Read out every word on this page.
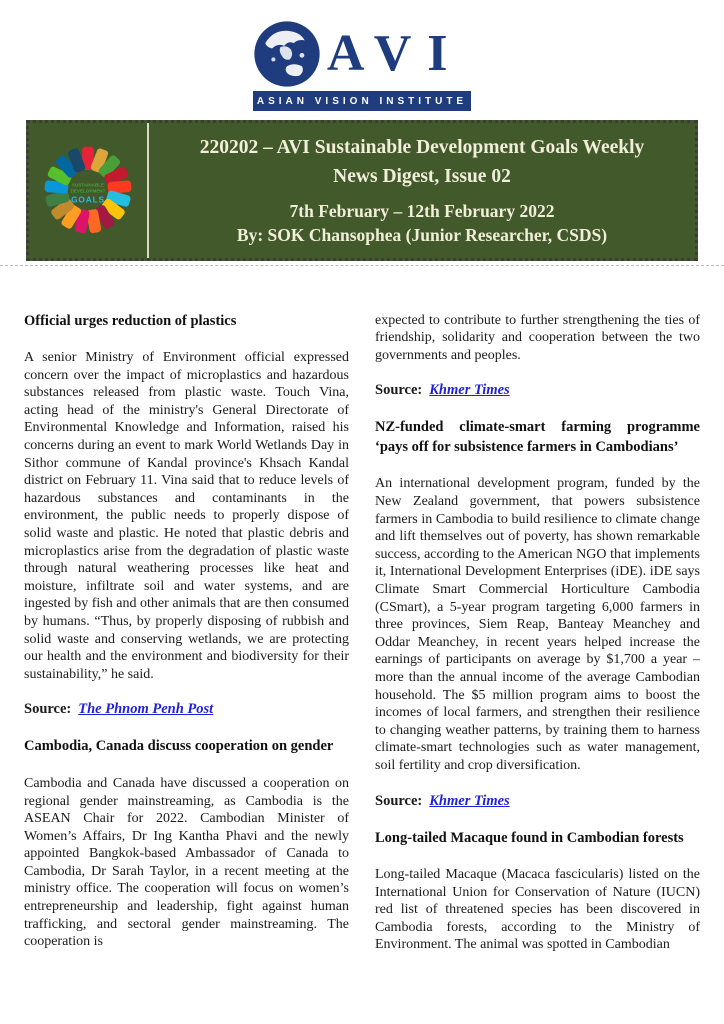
AVI
ASIAN VISION INSTITUTE
SUSTAINABLE
DEVELOPMENT
GOALS
220202 – AVI Sustainable Development Goals Weekly
News Digest, Issue 02
7th February – 12th February 2022
By: SOK Chansophea (Junior Researcher, CSDS)
Official urges reduction of plastics

A senior Ministry of Environment official expressed concern over the impact of microplastics and hazardous substances released from plastic waste. Touch Vina, acting head of the ministry's General Directorate of Environmental Knowledge and Information, raised his concerns during an event to mark World Wetlands Day in Sithor commune of Kandal province's Khsach Kandal district on February 11. Vina said that to reduce levels of hazardous substances and contaminants in the environment, the public needs to properly dispose of solid waste and plastic. He noted that plastic debris and microplastics arise from the degradation of plastic waste through natural weathering processes like heat and moisture, infiltrate soil and water systems, and are ingested by fish and other animals that are then consumed by humans. “Thus, by properly disposing of rubbish and solid waste and conserving wetlands, we are protecting our health and the environment and biodiversity for their sustainability,” he said.

Source: The Phnom Penh Post

Cambodia, Canada discuss cooperation on gender

Cambodia and Canada have discussed a cooperation on regional gender mainstreaming, as Cambodia is the ASEAN Chair for 2022. Cambodian Minister of Women’s Affairs, Dr Ing Kantha Phavi and the newly appointed Bangkok-based Ambassador of Canada to Cambodia, Dr Sarah Taylor, in a recent meeting at the ministry office. The cooperation will focus on women’s entrepreneurship and leadership, fight against human trafficking, and sectoral gender mainstreaming. The cooperation is

expected to contribute to further strengthening the ties of friendship, solidarity and cooperation between the two governments and peoples.

Source: Khmer Times

NZ-funded climate-smart farming programme ‘pays off for subsistence farmers in Cambodians’

An international development program, funded by the New Zealand government, that powers subsistence farmers in Cambodia to build resilience to climate change and lift themselves out of poverty, has shown remarkable success, according to the American NGO that implements it, International Development Enterprises (iDE). iDE says Climate Smart Commercial Horticulture Cambodia (CSmart), a 5-year program targeting 6,000 farmers in three provinces, Siem Reap, Banteay Meanchey and Oddar Meanchey, in recent years helped increase the earnings of participants on average by $1,700 a year – more than the annual income of the average Cambodian household. The $5 million program aims to boost the incomes of local farmers, and strengthen their resilience to changing weather patterns, by training them to harness climate-smart technologies such as water management, soil fertility and crop diversification.

Source: Khmer Times

Long-tailed Macaque found in Cambodian forests

Long-tailed Macaque (Macaca fascicularis) listed on the International Union for Conservation of Nature (IUCN) red list of threatened species has been discovered in Cambodia forests, according to the Ministry of Environment. The animal was spotted in Cambodian
